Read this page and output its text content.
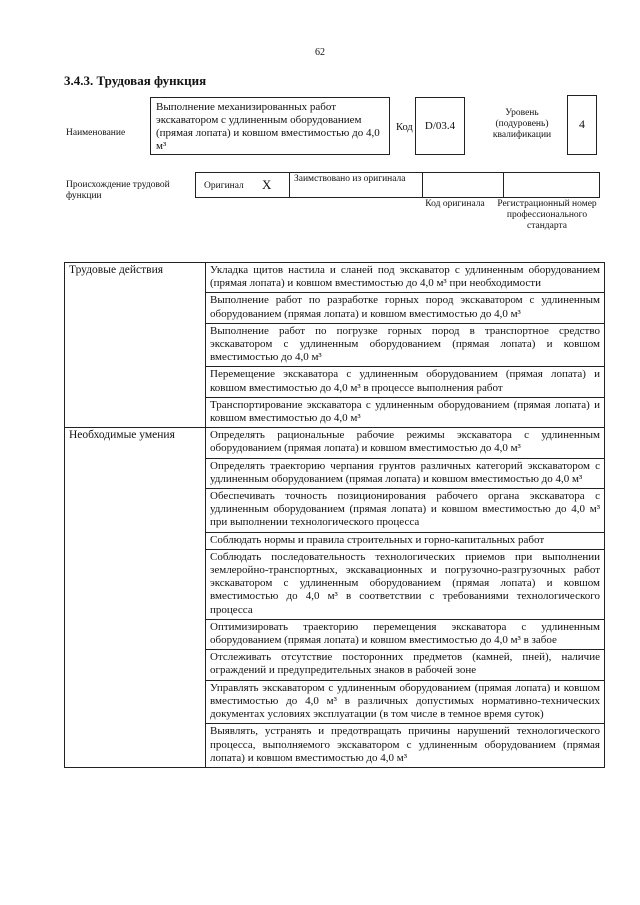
62
3.4.3. Трудовая функция
Наименование
Выполнение механизированных работ экскаватором с удлиненным оборудованием (прямая лопата) и ковшом вместимостью до 4,0 м³
Код	D/03.4
Уровень (подуровень) квалификации
4
Происхождение трудовой функции
Оригинал X Заимствовано из оригинала
Код оригинала Регистрационный номер профессионального стандарта
Трудовые действия	Укладка щитов настила и сланей под экскаватор с удлиненным оборудованием (прямая лопата) и ковшом вместимостью до 4,0 м³ при необходимости
	Выполнение работ по разработке горных пород экскаватором с удлиненным оборудованием (прямая лопата) и ковшом вместимостью до 4,0 м³
	Выполнение работ по погрузке горных пород в транспортное средство экскаватором с удлиненным оборудованием (прямая лопата) и ковшом вместимостью до 4,0 м³
	Перемещение экскаватора с удлиненным оборудованием (прямая лопата) и ковшом вместимостью до 4,0 м³ в процессе выполнения работ
	Транспортирование экскаватора с удлиненным оборудованием (прямая лопата) и ковшом вместимостью до 4,0 м³
Необходимые умения	Определять рациональные рабочие режимы экскаватора с удлиненным оборудованием (прямая лопата) и ковшом вместимостью до 4,0 м³
	Определять траекторию черпания грунтов различных категорий экскаватором с удлиненным оборудованием (прямая лопата) и ковшом вместимостью до 4,0 м³
	Обеспечивать точность позиционирования рабочего органа экскаватора с удлиненным оборудованием (прямая лопата) и ковшом вместимостью до 4,0 м³ при выполнении технологического процесса
	Соблюдать нормы и правила строительных и горно-капитальных работ
	Соблюдать последовательность технологических приемов при выполнении землеройно-транспортных, экскавационных и погрузочно-разгрузочных работ экскаватором с удлиненным оборудованием (прямая лопата) и ковшом вместимостью до 4,0 м³ в соответствии с требованиями технологического процесса
	Оптимизировать траекторию перемещения экскаватора с удлиненным оборудованием (прямая лопата) и ковшом вместимостью до 4,0 м³ в забое
	Отслеживать отсутствие посторонних предметов (камней, пней), наличие ограждений и предупредительных знаков в рабочей зоне
	Управлять экскаватором с удлиненным оборудованием (прямая лопата) и ковшом вместимостью до 4,0 м³ в различных допустимых нормативно-технических документах условиях эксплуатации (в том числе в темное время суток)
	Выявлять, устранять и предотвращать причины нарушений технологического процесса, выполняемого экскаватором с удлиненным оборудованием (прямая лопата) и ковшом вместимостью до 4,0 м³
